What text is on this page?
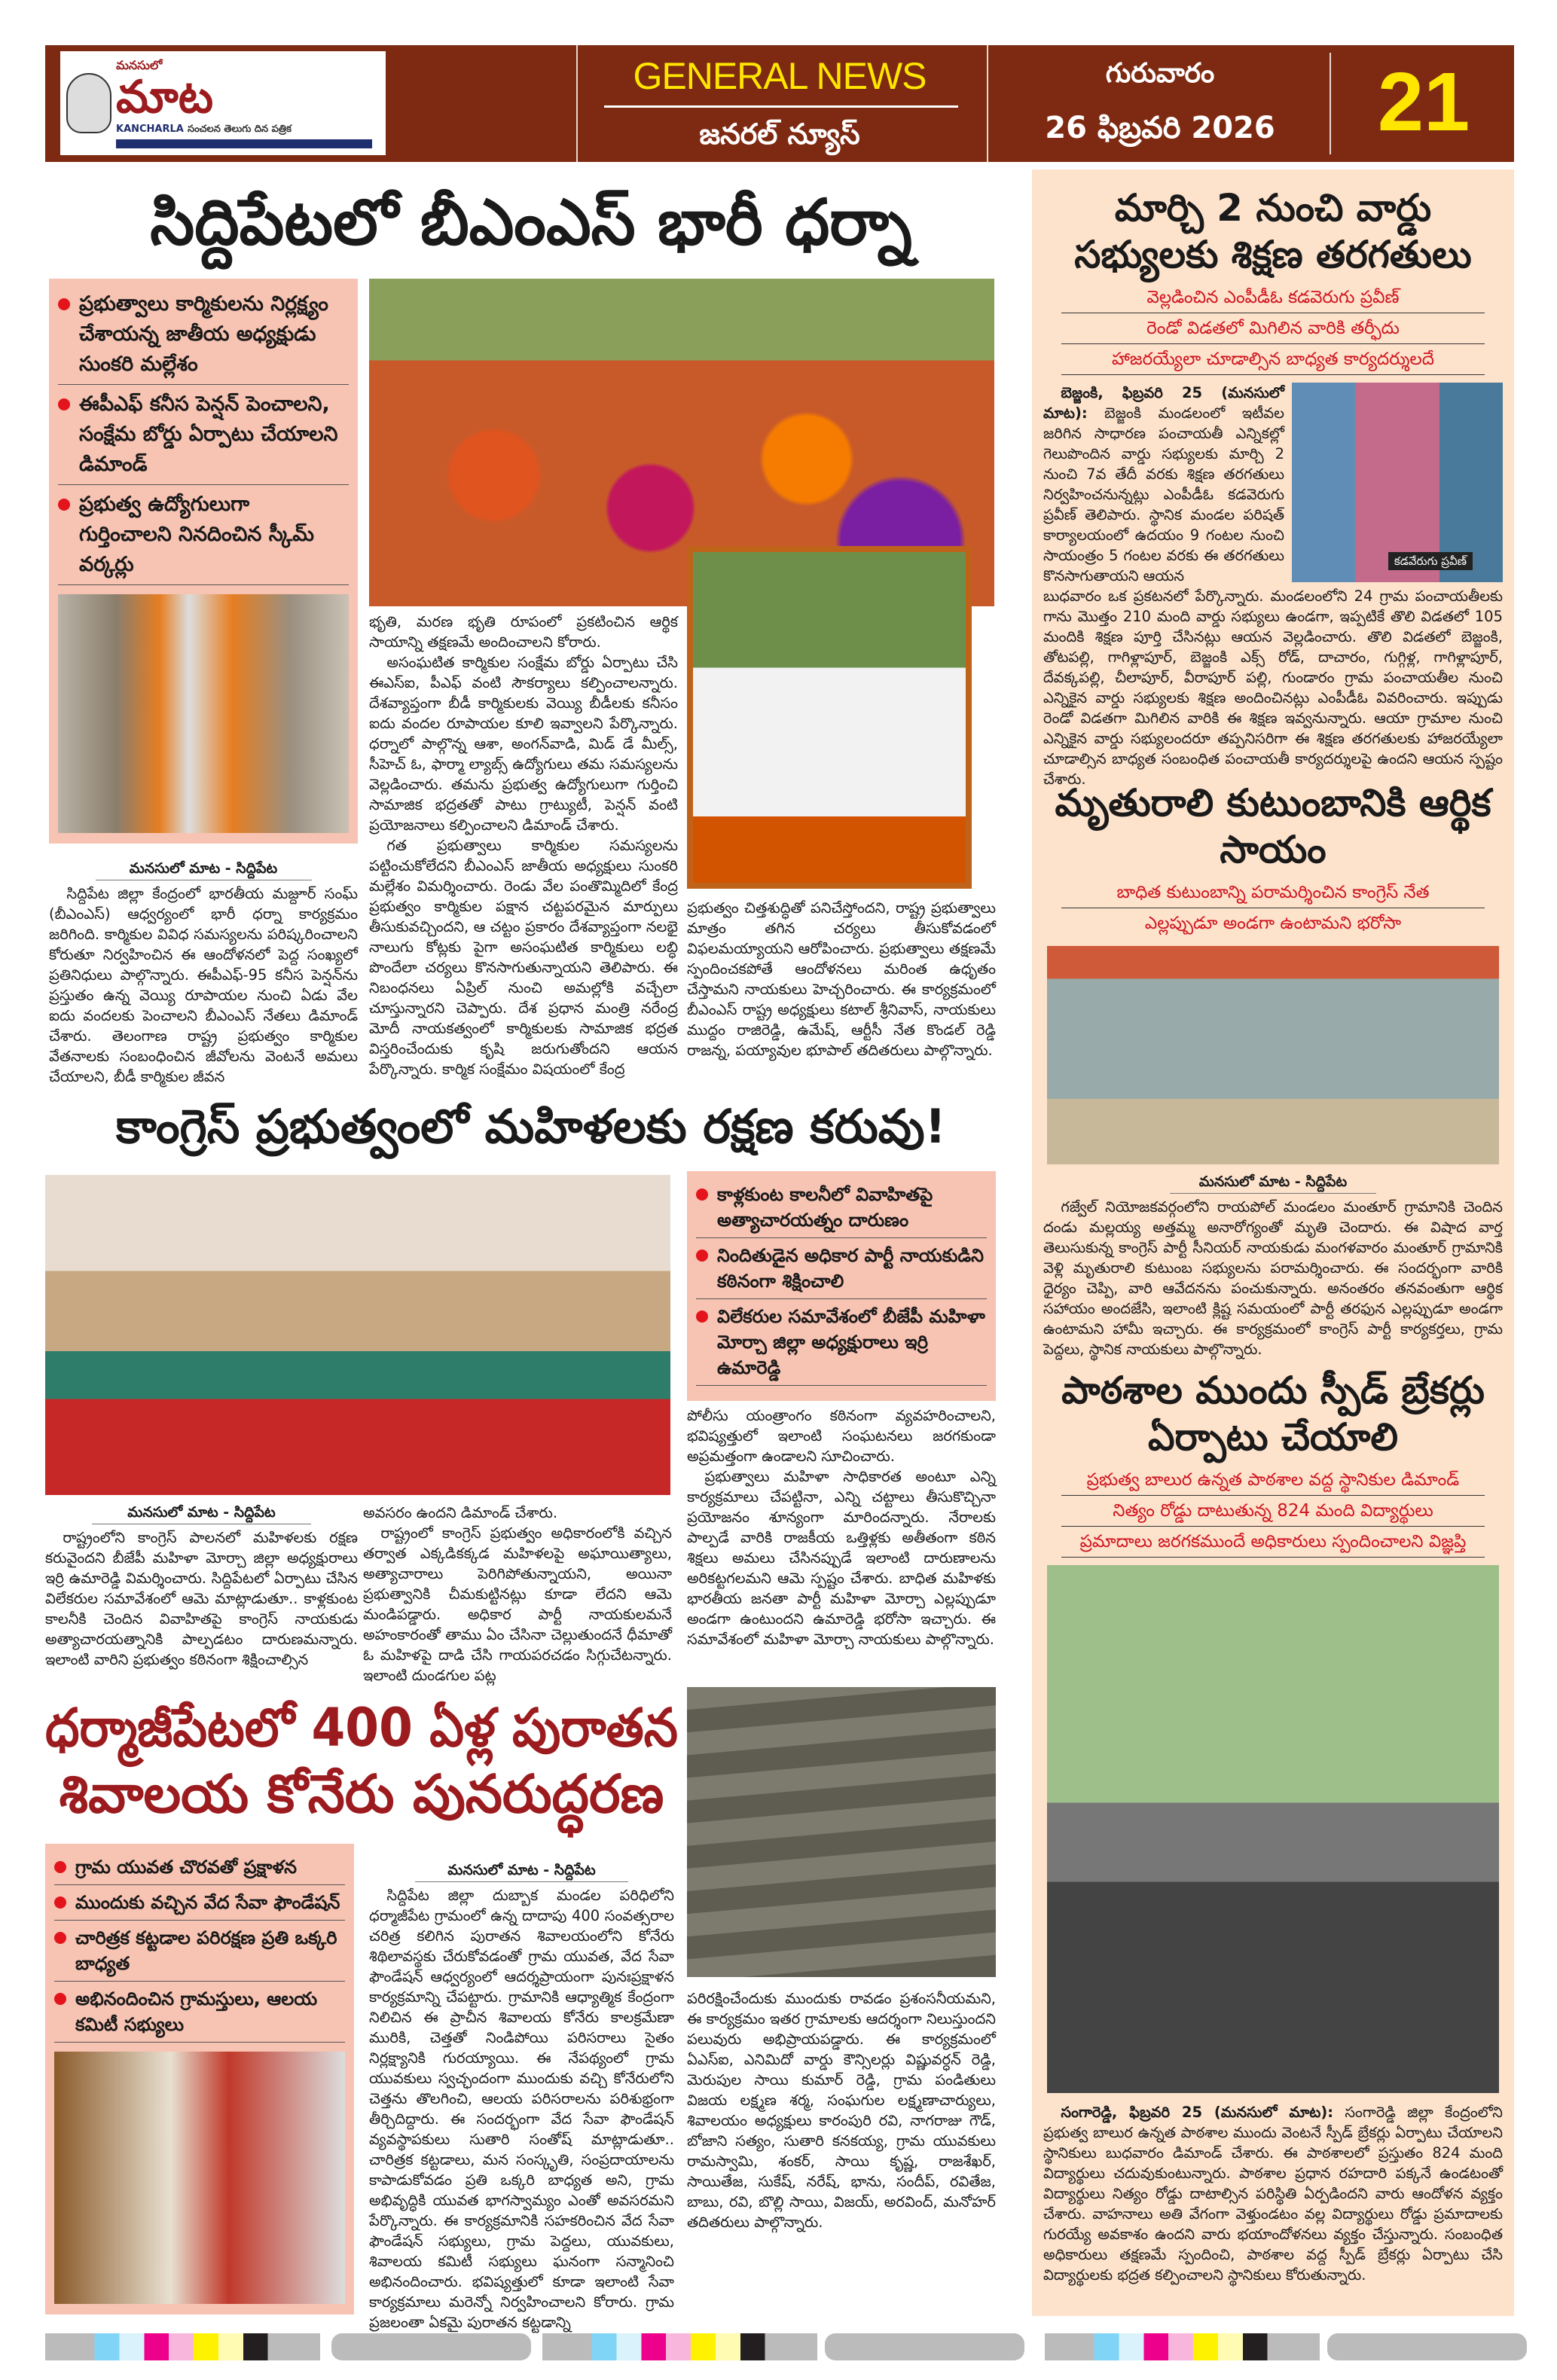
మనసులో
మాట
KANCHARLA సంచలన తెలుగు దిన పత్రిక
GENERAL NEWS
జనరల్ న్యూస్
గురువారం
26 ఫిబ్రవరి 2026	21
సిద్దిపేటలో బీఎంఎస్ భారీ ధర్నా
ప్రభుత్వాలు కార్మికులను నిర్లక్ష్యం చేశాయన్న జాతీయ అధ్యక్షుడు సుంకరి మల్లేశం
ఈపీఎఫ్ కనీస పెన్షన్ పెంచాలని, సంక్షేమ బోర్డు ఏర్పాటు చేయాలని డిమాండ్
ప్రభుత్వ ఉద్యోగులుగా గుర్తించాలని నినదించిన స్కీమ్ వర్కర్లు
మనసులో మాట - సిద్దిపేట

సిద్దిపేట జిల్లా కేంద్రంలో భారతీయ మజ్దూర్ సంఘ్ (బీఎంఎస్) ఆధ్వర్యంలో భారీ ధర్నా కార్యక్రమం జరిగింది. కార్మికుల వివిధ సమస్యలను పరిష్కరించాలని కోరుతూ నిర్వహించిన ఈ ఆందోళనలో పెద్ద సంఖ్యలో ప్రతినిధులు పాల్గొన్నారు. ఈపీఎఫ్-95 కనీస పెన్షన్‌ను ప్రస్తుతం ఉన్న వెయ్యి రూపాయల నుంచి ఏడు వేల ఐదు వందలకు పెంచాలని బీఎంఎస్ నేతలు డిమాండ్ చేశారు. తెలంగాణ రాష్ట్ర ప్రభుత్వం కార్మికుల వేతనాలకు సంబంధించిన జీవోలను వెంటనే అమలు చేయాలని, బీడీ కార్మికుల జీవన

భృతి, మరణ భృతి రూపంలో ప్రకటించిన ఆర్థిక సాయాన్ని తక్షణమే అందించాలని కోరారు.

అసంఘటిత కార్మికుల సంక్షేమ బోర్డు ఏర్పాటు చేసి ఈఎస్ఐ, పీఎఫ్ వంటి సౌకర్యాలు కల్పించాలన్నారు. దేశవ్యాప్తంగా బీడీ కార్మికులకు వెయ్యి బీడీలకు కనీసం ఐదు వందల రూపాయల కూలి ఇవ్వాలని పేర్కొన్నారు. ధర్నాలో పాల్గొన్న ఆశా, అంగన్‌వాడి, మిడ్ డే మీల్స్, సీహెచ్ ఓ, ఫార్మా ల్యాబ్స్ ఉద్యోగులు తమ సమస్యలను వెల్లడించారు. తమను ప్రభుత్వ ఉద్యోగులుగా గుర్తించి సామాజిక భద్రతతో పాటు గ్రాట్యుటీ, పెన్షన్ వంటి ప్రయోజనాలు కల్పించాలని డిమాండ్ చేశారు.

గత ప్రభుత్వాలు కార్మికుల సమస్యలను పట్టించుకోలేదని బీఎంఎస్ జాతీయ అధ్యక్షులు సుంకరి మల్లేశం విమర్శించారు. రెండు వేల పంతొమ్మిదిలో కేంద్ర ప్రభుత్వం కార్మికుల పక్షాన చట్టపరమైన మార్పులు తీసుకువచ్చిందని, ఆ చట్టం ప్రకారం దేశవ్యాప్తంగా నలభై నాలుగు కోట్లకు పైగా అసంఘటిత కార్మికులు లబ్ధి పొందేలా చర్యలు కొనసాగుతున్నాయని తెలిపారు. ఈ నిబంధనలు ఏప్రిల్ నుంచి అమల్లోకి వచ్చేలా చూస్తున్నారని చెప్పారు. దేశ ప్రధాన మంత్రి నరేంద్ర మోదీ నాయకత్వంలో కార్మికులకు సామాజిక భద్రత విస్తరించేందుకు కృషి జరుగుతోందని ఆయన పేర్కొన్నారు. కార్మిక సంక్షేమం విషయంలో కేంద్ర

ప్రభుత్వం చిత్తశుద్ధితో పనిచేస్తోందని, రాష్ట్ర ప్రభుత్వాలు మాత్రం తగిన చర్యలు తీసుకోవడంలో విఫలమయ్యాయని ఆరోపించారు. ప్రభుత్వాలు తక్షణమే స్పందించకపోతే ఆందోళనలు మరింత ఉధృతం చేస్తామని నాయకులు హెచ్చరించారు. ఈ కార్యక్రమంలో బీఎంఎస్ రాష్ట్ర అధ్యక్షులు కటాల్ శ్రీనివాస్, నాయకులు ముద్దం రాజిరెడ్డి, ఉమేష్, ఆర్టీసీ నేత కొండల్ రెడ్డి రాజన్న, పయ్యావుల భూపాల్ తదితరులు పాల్గొన్నారు.

కాంగ్రెస్ ప్రభుత్వంలో మహిళలకు రక్షణ కరువు!
కాళ్లకుంట కాలనీలో వివాహితపై అత్యాచారయత్నం దారుణం
నిందితుడైన అధికార పార్టీ నాయకుడిని కఠినంగా శిక్షించాలి
విలేకరుల సమావేశంలో బీజేపీ మహిళా మోర్చా జిల్లా అధ్యక్షురాలు ఇర్రి ఉమారెడ్డి

పోలీసు యంత్రాంగం కఠినంగా వ్యవహరించాలని, భవిష్యత్తులో ఇలాంటి సంఘటనలు జరగకుండా అప్రమత్తంగా ఉండాలని సూచించారు.

ప్రభుత్వాలు మహిళా సాధికారత అంటూ ఎన్ని కార్యక్రమాలు చేపట్టినా, ఎన్ని చట్టాలు తీసుకొచ్చినా ప్రయోజనం శూన్యంగా మారిందన్నారు. నేరాలకు పాల్పడే వారికి రాజకీయ ఒత్తిళ్లకు అతీతంగా కఠిన శిక్షలు అమలు చేసినప్పుడే ఇలాంటి దారుణాలను అరికట్టగలమని ఆమె స్పష్టం చేశారు. బాధిత మహిళకు భారతీయ జనతా పార్టీ మహిళా మోర్చా ఎల్లప్పుడూ అండగా ఉంటుందని ఉమారెడ్డి భరోసా ఇచ్చారు. ఈ సమావేశంలో మహిళా మోర్చా నాయకులు పాల్గొన్నారు.

మనసులో మాట - సిద్దిపేట

రాష్ట్రంలోని కాంగ్రెస్ పాలనలో మహిళలకు రక్షణ కరువైందని బీజేపీ మహిళా మోర్చా జిల్లా అధ్యక్షురాలు ఇర్రి ఉమారెడ్డి విమర్శించారు. సిద్దిపేటలో ఏర్పాటు చేసిన విలేకరుల సమావేశంలో ఆమె మాట్లాడుతూ.. కాళ్లకుంట కాలనీకి చెందిన వివాహితపై కాంగ్రెస్ నాయకుడు అత్యాచారయత్నానికి పాల్పడటం దారుణమన్నారు. ఇలాంటి వారిని ప్రభుత్వం కఠినంగా శిక్షించాల్సిన

అవసరం ఉందని డిమాండ్ చేశారు.

రాష్ట్రంలో కాంగ్రెస్ ప్రభుత్వం అధికారంలోకి వచ్చిన తర్వాత ఎక్కడికక్కడ మహిళలపై అఘాయిత్యాలు, అత్యాచారాలు పెరిగిపోతున్నాయని, అయినా ప్రభుత్వానికి చీమకుట్టినట్లు కూడా లేదని ఆమె మండిపడ్డారు. అధికార పార్టీ నాయకులమనే అహంకారంతో తాము ఏం చేసినా చెల్లుతుందనే ధీమాతో ఓ మహిళపై దాడి చేసి గాయపరచడం సిగ్గుచేటన్నారు. ఇలాంటి దుండగుల పట్ల

ధర్మాజీపేటలో 400 ఏళ్ల పురాతన
శివాలయ కోనేరు పునరుద్ధరణ
గ్రామ యువత చొరవతో ప్రక్షాళన
ముందుకు వచ్చిన వేద సేవా ఫౌండేషన్
చారిత్రక కట్టడాల పరిరక్షణ ప్రతి ఒక్కరి బాధ్యత
అభినందించిన గ్రామస్తులు, ఆలయ కమిటీ సభ్యులు
మనసులో మాట - సిద్దిపేట

సిద్దిపేట జిల్లా దుబ్బాక మండల పరిధిలోని ధర్మాజీపేట గ్రామంలో ఉన్న దాదాపు 400 సంవత్సరాల చరిత్ర కలిగిన పురాతన శివాలయంలోని కోనేరు శిథిలావస్థకు చేరుకోవడంతో గ్రామ యువత, వేద సేవా ఫౌండేషన్ ఆధ్వర్యంలో ఆదర్శప్రాయంగా పునఃప్రక్షాళన కార్యక్రమాన్ని చేపట్టారు. గ్రామానికి ఆధ్యాత్మిక కేంద్రంగా నిలిచిన ఈ ప్రాచీన శివాలయ కోనేరు కాలక్రమేణా మురికి, చెత్తతో నిండిపోయి పరిసరాలు సైతం నిర్లక్ష్యానికి గురయ్యాయి. ఈ నేపథ్యంలో గ్రామ యువకులు స్వచ్ఛందంగా ముందుకు వచ్చి కోనేరులోని చెత్తను తొలగించి, ఆలయ పరిసరాలను పరిశుభ్రంగా తీర్చిదిద్దారు. ఈ సందర్భంగా వేద సేవా ఫౌండేషన్ వ్యవస్థాపకులు సుతారి సంతోష్ మాట్లాడుతూ.. చారిత్రక కట్టడాలు, మన సంస్కృతి, సంప్రదాయాలను కాపాడుకోవడం ప్రతి ఒక్కరి బాధ్యత అని, గ్రామ అభివృద్ధికి యువత భాగస్వామ్యం ఎంతో అవసరమని పేర్కొన్నారు. ఈ కార్యక్రమానికి సహకరించిన వేద సేవా ఫౌండేషన్ సభ్యులు, గ్రామ పెద్దలు, యువకులు, శివాలయ కమిటీ సభ్యులు ఘనంగా సన్మానించి అభినందించారు. భవిష్యత్తులో కూడా ఇలాంటి సేవా కార్యక్రమాలు మరెన్నో నిర్వహించాలని కోరారు. గ్రామ ప్రజలంతా ఏకమై పురాతన కట్టడాన్ని

పరిరక్షించేందుకు ముందుకు రావడం ప్రశంసనీయమని, ఈ కార్యక్రమం ఇతర గ్రామాలకు ఆదర్శంగా నిలుస్తుందని పలువురు అభిప్రాయపడ్డారు. ఈ కార్యక్రమంలో ఏఎస్ఐ, ఎనిమిదో వార్డు కౌన్సిలర్లు విష్ణువర్ధన్ రెడ్డి, మెరుపుల సాయి కుమార్ రెడ్డి, గ్రామ పండితులు విజయ లక్ష్మణ శర్మ, సంఘగుల లక్ష్మణాచార్యులు, శివాలయం అధ్యక్షులు కారంపురి రవి, నాగరాజు గౌడ్, బోజాని సత్యం, సుతారి కనకయ్య, గ్రామ యువకులు రామస్వామి, శంకర్, సాయి కృష్ణ, రాజశేఖర్, సాయితేజ, సుకేష్, నరేష్, భాను, సందీప్, రవితేజ, బాబు, రవి, బొల్లి సాయి, విజయ్, అరవింద్, మనోహర్ తదితరులు పాల్గొన్నారు.

మార్చి 2 నుంచి వార్డు సభ్యులకు శిక్షణ తరగతులు
వెల్లడించిన ఎంపీడీఓ కడవెరుగు ప్రవీణ్
రెండో విడతలో మిగిలిన వారికి తర్ఫీదు
హాజరయ్యేలా చూడాల్సిన బాధ్యత కార్యదర్శులదే

బెజ్జంకి, ఫిబ్రవరి 25 (మనసులో మాట): బెజ్జంకి మండలంలో ఇటీవల జరిగిన సాధారణ పంచాయతీ ఎన్నికల్లో గెలుపొందిన వార్డు సభ్యులకు మార్చి 2 నుంచి 7వ తేదీ వరకు శిక్షణ తరగతులు నిర్వహించనున్నట్లు ఎంపీడీఓ కడవెరుగు ప్రవీణ్ తెలిపారు. స్థానిక మండల పరిషత్ కార్యాలయంలో ఉదయం 9 గంటల నుంచి సాయంత్రం 5 గంటల వరకు ఈ తరగతులు కొనసాగుతాయని ఆయన

కడవేరుగు ప్రవీణ్

బుధవారం ఒక ప్రకటనలో పేర్కొన్నారు. మండలంలోని 24 గ్రామ పంచాయతీలకు గాను మొత్తం 210 మంది వార్డు సభ్యులు ఉండగా, ఇప్పటికే తొలి విడతలో 105 మందికి శిక్షణ పూర్తి చేసినట్లు ఆయన వెల్లడించారు. తొలి విడతలో బెజ్జంకి, తోటపల్లి, గాగిళ్లాపూర్, బెజ్జంకి ఎక్స్ రోడ్, దాచారం, గుగ్గిళ్ల, గాగిళ్లాపూర్, దేవక్కపల్లి, చీలాపూర్, వీరాపూర్ పల్లి, గుండారం గ్రామ పంచాయతీల నుంచి ఎన్నికైన వార్డు సభ్యులకు శిక్షణ అందించినట్లు ఎంపీడీఓ వివరించారు. ఇప్పుడు రెండో విడతగా మిగిలిన వారికి ఈ శిక్షణ ఇవ్వనున్నారు. ఆయా గ్రామాల నుంచి ఎన్నికైన వార్డు సభ్యులందరూ తప్పనిసరిగా ఈ శిక్షణ తరగతులకు హాజరయ్యేలా చూడాల్సిన బాధ్యత సంబంధిత పంచాయతీ కార్యదర్శులపై ఉందని ఆయన స్పష్టం చేశారు.

మృతురాలి కుటుంబానికి ఆర్థిక సాయం
బాధిత కుటుంబాన్ని పరామర్శించిన కాంగ్రెస్ నేత
ఎల్లప్పుడూ అండగా ఉంటామని భరోసా
మనసులో మాట - సిద్దిపేట

గజ్వేల్ నియోజకవర్గంలోని రాయపోల్ మండలం మంతూర్ గ్రామానికి చెందిన దండు మల్లయ్య అత్తమ్మ అనారోగ్యంతో మృతి చెందారు. ఈ విషాద వార్త తెలుసుకున్న కాంగ్రెస్ పార్టీ సీనియర్ నాయకుడు మంగళవారం మంతూర్ గ్రామానికి వెళ్లి మృతురాలి కుటుంబ సభ్యులను పరామర్శించారు. ఈ సందర్భంగా వారికి ధైర్యం చెప్పి, వారి ఆవేదనను పంచుకున్నారు. అనంతరం తనవంతుగా ఆర్థిక సహాయం అందజేసి, ఇలాంటి క్లిష్ట సమయంలో పార్టీ తరఫున ఎల్లప్పుడూ అండగా ఉంటామని హామీ ఇచ్చారు. ఈ కార్యక్రమంలో కాంగ్రెస్ పార్టీ కార్యకర్తలు, గ్రామ పెద్దలు, స్థానిక నాయకులు పాల్గొన్నారు.

పాఠశాల ముందు స్పీడ్ బ్రేకర్లు ఏర్పాటు చేయాలి
ప్రభుత్వ బాలుర ఉన్నత పాఠశాల వద్ద స్థానికుల డిమాండ్
నిత్యం రోడ్డు దాటుతున్న 824 మంది విద్యార్థులు
ప్రమాదాలు జరగకముందే అధికారులు స్పందించాలని విజ్ఞప్తి

సంగారెడ్డి, ఫిబ్రవరి 25 (మనసులో మాట): సంగారెడ్డి జిల్లా కేంద్రంలోని ప్రభుత్వ బాలుర ఉన్నత పాఠశాల ముందు వెంటనే స్పీడ్ బ్రేకర్లు ఏర్పాటు చేయాలని స్థానికులు బుధవారం డిమాండ్ చేశారు. ఈ పాఠశాలలో ప్రస్తుతం 824 మంది విద్యార్థులు చదువుకుంటున్నారు. పాఠశాల ప్రధాన రహదారి పక్కనే ఉండటంతో విద్యార్థులు నిత్యం రోడ్డు దాటాల్సిన పరిస్థితి ఏర్పడిందని వారు ఆందోళన వ్యక్తం చేశారు. వాహనాలు అతి వేగంగా వెళ్తుండటం వల్ల విద్యార్థులు రోడ్డు ప్రమాదాలకు గురయ్యే అవకాశం ఉందని వారు భయాందోళనలు వ్యక్తం చేస్తున్నారు. సంబంధిత అధికారులు తక్షణమే స్పందించి, పాఠశాల వద్ద స్పీడ్ బ్రేకర్లు ఏర్పాటు చేసి విద్యార్థులకు భద్రత కల్పించాలని స్థానికులు కోరుతున్నారు.
